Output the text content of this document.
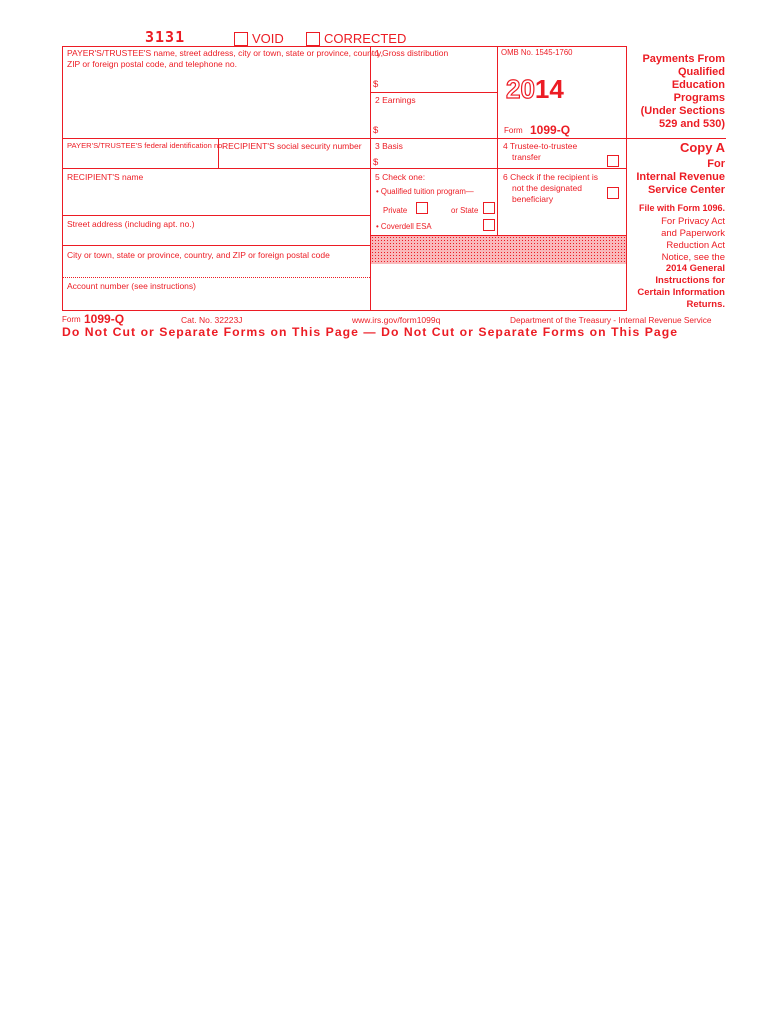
3131	VOID	CORRECTED
PAYER'S/TRUSTEE'S name, street address, city or town, state or province, country,
ZIP or foreign postal code, and telephone no.
PAYER'S/TRUSTEE'S federal identification no.
RECIPIENT'S social security number
1 Gross distribution
$
2 Earnings
$
OMB No. 1545-1760
2014
Form 1099-Q
3 Basis
$
4 Trustee-to-trustee
transfer
5 Check one:
• Qualified tuition program—
Private	or State
• Coverdell ESA
6 Check if the recipient is
not the designated
beneficiary
RECIPIENT'S name
Street address (including apt. no.)
City or town, state or province, country, and ZIP or foreign postal code
Account number (see instructions)
Payments From
Qualified
Education
Programs
(Under Sections
529 and 530)
Copy A
For
Internal Revenue
Service Center
File with Form 1096.
For Privacy Act
and Paperwork
Reduction Act
Notice, see the
2014 General
Instructions for
Certain Information
Returns.
Form 1099-Q	Cat. No. 32223J	www.irs.gov/form1099q	Department of the Treasury - Internal Revenue Service
Do Not Cut or Separate Forms on This Page — Do Not Cut or Separate Forms on This Page
